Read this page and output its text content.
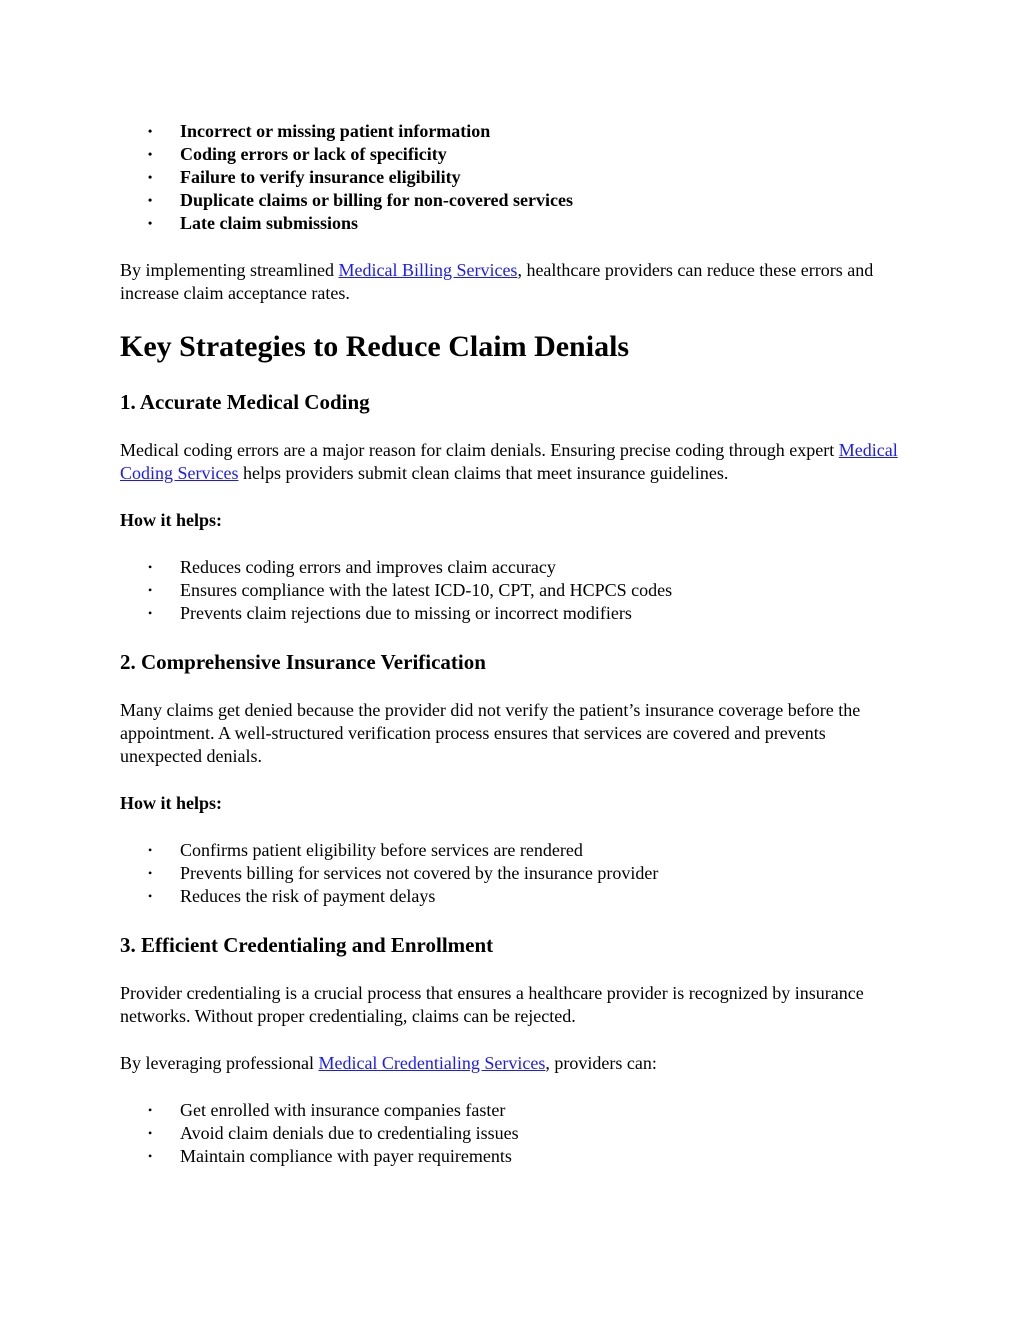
• Incorrect or missing patient information
• Coding errors or lack of specificity
• Failure to verify insurance eligibility
• Duplicate claims or billing for non-covered services
• Late claim submissions

By implementing streamlined Medical Billing Services, healthcare providers can reduce these errors and increase claim acceptance rates.

Key Strategies to Reduce Claim Denials
1. Accurate Medical Coding

Medical coding errors are a major reason for claim denials. Ensuring precise coding through expert Medical Coding Services helps providers submit clean claims that meet insurance guidelines.

How it helps:

• Reduces coding errors and improves claim accuracy
• Ensures compliance with the latest ICD-10, CPT, and HCPCS codes
• Prevents claim rejections due to missing or incorrect modifiers
2. Comprehensive Insurance Verification

Many claims get denied because the provider did not verify the patient’s insurance coverage before the appointment. A well-structured verification process ensures that services are covered and prevents unexpected denials.

How it helps:

• Confirms patient eligibility before services are rendered
• Prevents billing for services not covered by the insurance provider
• Reduces the risk of payment delays
3. Efficient Credentialing and Enrollment

Provider credentialing is a crucial process that ensures a healthcare provider is recognized by insurance networks. Without proper credentialing, claims can be rejected.

By leveraging professional Medical Credentialing Services, providers can:

• Get enrolled with insurance companies faster
• Avoid claim denials due to credentialing issues
• Maintain compliance with payer requirements
